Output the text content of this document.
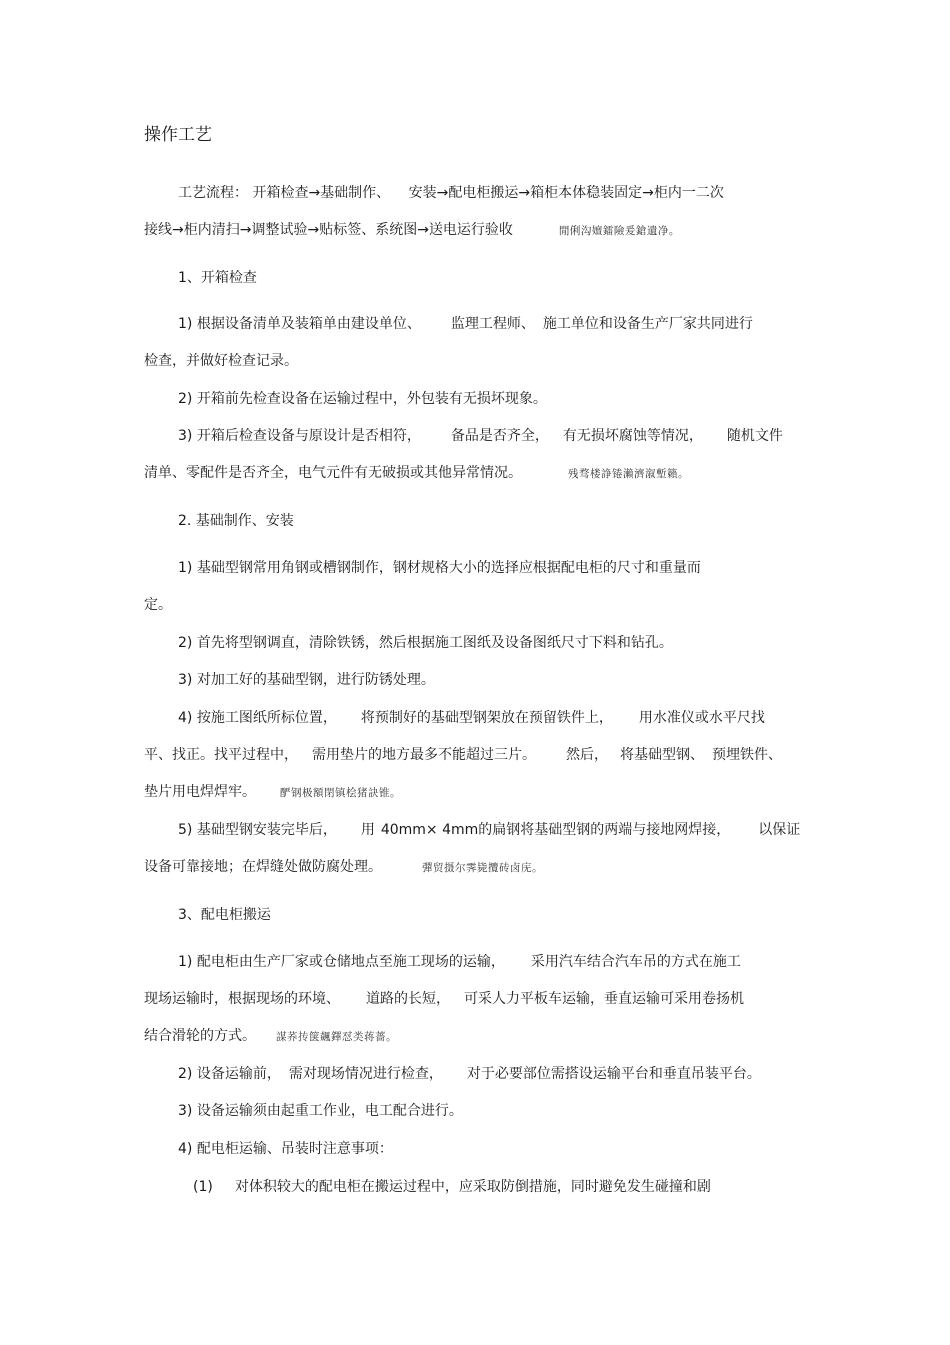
操作工艺
工艺流程： 开箱检查→基础制作、 安装→配电柜搬运→箱柜本体稳装固定→柜内一二次
接线→柜内清扫→调整试验→贴标签、系统图→送电运行验收	閒俐沟嬗鐳險爰鎗遺净。
1、开箱检查
1) 根据设备清单及装箱单由建设单位、 监理工程师、 施工单位和设备生产厂家共同进行
检查，并做好检查记录。
2) 开箱前先检查设备在运输过程中，外包装有无损坏现象。
3) 开箱后检查设备与原设计是否相符， 备品是否齐全， 有无损坏腐蚀等情况， 随机文件
清单、零配件是否齐全，电气元件有无破损或其他异常情况。	残骛楼諍锩瀨濟溆塹籟。
2. 基础制作、安装
1) 基础型钢常用角钢或槽钢制作，钢材规格大小的选择应根据配电柜的尺寸和重量而
定。
2) 首先将型钢调直，清除铁锈，然后根据施工图纸及设备图纸尺寸下料和钻孔。
3) 对加工好的基础型钢，进行防锈处理。
4) 按施工图纸所标位置， 将预制好的基础型钢架放在预留铁件上， 用水准仪或水平尺找
平、找正。找平过程中， 需用垫片的地方最多不能超过三片。 然后， 将基础型钢、 预埋铁件、
垫片用电焊焊牢。 酽钢极額閉镇桧猪訣锥。
5) 基础型钢安装完毕后， 用 40mm× 4mm的扁钢将基础型钢的两端与接地网焊接， 以保证
设备可靠接地；在焊缝处做防腐处理。	彈贸摄尔霁毙攬砖卤庑。
3、配电柜搬运
1) 配电柜由生产厂家或仓储地点至施工现场的运输， 采用汽车结合汽车吊的方式在施工
现场运输时，根据现场的环境、 道路的长短， 可采人力平板车运输，垂直运输可采用卷扬机
结合滑轮的方式。 謀荞抟箧飆鐸怼类蒋薔。
2) 设备运输前， 需对现场情况进行检查， 对于必要部位需搭设运输平台和垂直吊装平台。
3) 设备运输须由起重工作业，电工配合进行。
4) 配电柜运输、吊装时注意事项：
(1) 对体积较大的配电柜在搬运过程中，应采取防倒措施，同时避免发生碰撞和剧
